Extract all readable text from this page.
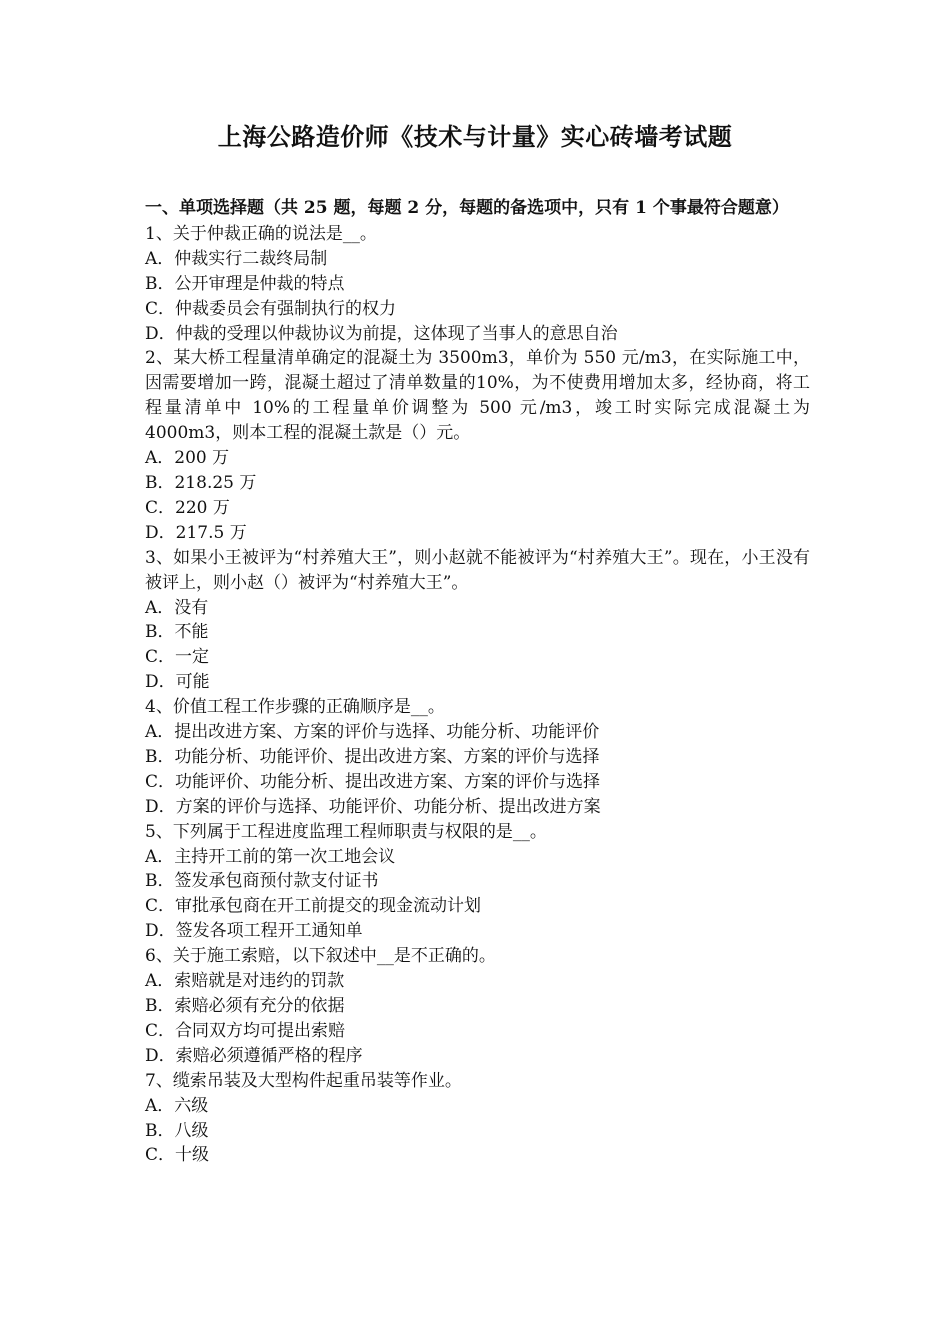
上海公路造价师《技术与计量》实心砖墙考试题
一、单项选择题（共 25 题，每题 2 分，每题的备选项中，只有 1 个事最符合题意）

1、关于仲裁正确的说法是__。

A．仲裁实行二裁终局制

B．公开审理是仲裁的特点

C．仲裁委员会有强制执行的权力

D．仲裁的受理以仲裁协议为前提，这体现了当事人的意思自治

2、某大桥工程量清单确定的混凝土为 3500m3，单价为 550 元/m3，在实际施工中，因需要增加一跨，混凝土超过了清单数量的10%，为不使费用增加太多，经协商，将工程量清单中 10%的工程量单价调整为 500 元/m3，竣工时实际完成混凝土为 4000m3，则本工程的混凝土款是（）元。

A．200 万

B．218.25 万

C．220 万

D．217.5 万

3、如果小王被评为“村养殖大王”，则小赵就不能被评为“村养殖大王”。现在，小王没有被评上，则小赵（）被评为“村养殖大王”。

A．没有

B．不能

C．一定

D．可能

4、价值工程工作步骤的正确顺序是__。

A．提出改进方案、方案的评价与选择、功能分析、功能评价

B．功能分析、功能评价、提出改进方案、方案的评价与选择

C．功能评价、功能分析、提出改进方案、方案的评价与选择

D．方案的评价与选择、功能评价、功能分析、提出改进方案

5、下列属于工程进度监理工程师职责与权限的是__。

A．主持开工前的第一次工地会议

B．签发承包商预付款支付证书

C．审批承包商在开工前提交的现金流动计划

D．签发各项工程开工通知单

6、关于施工索赔，以下叙述中__是不正确的。

A．索赔就是对违约的罚款

B．索赔必须有充分的依据

C．合同双方均可提出索赔

D．索赔必须遵循严格的程序

7、缆索吊装及大型构件起重吊装等作业。

A．六级

B．八级

C．十级
